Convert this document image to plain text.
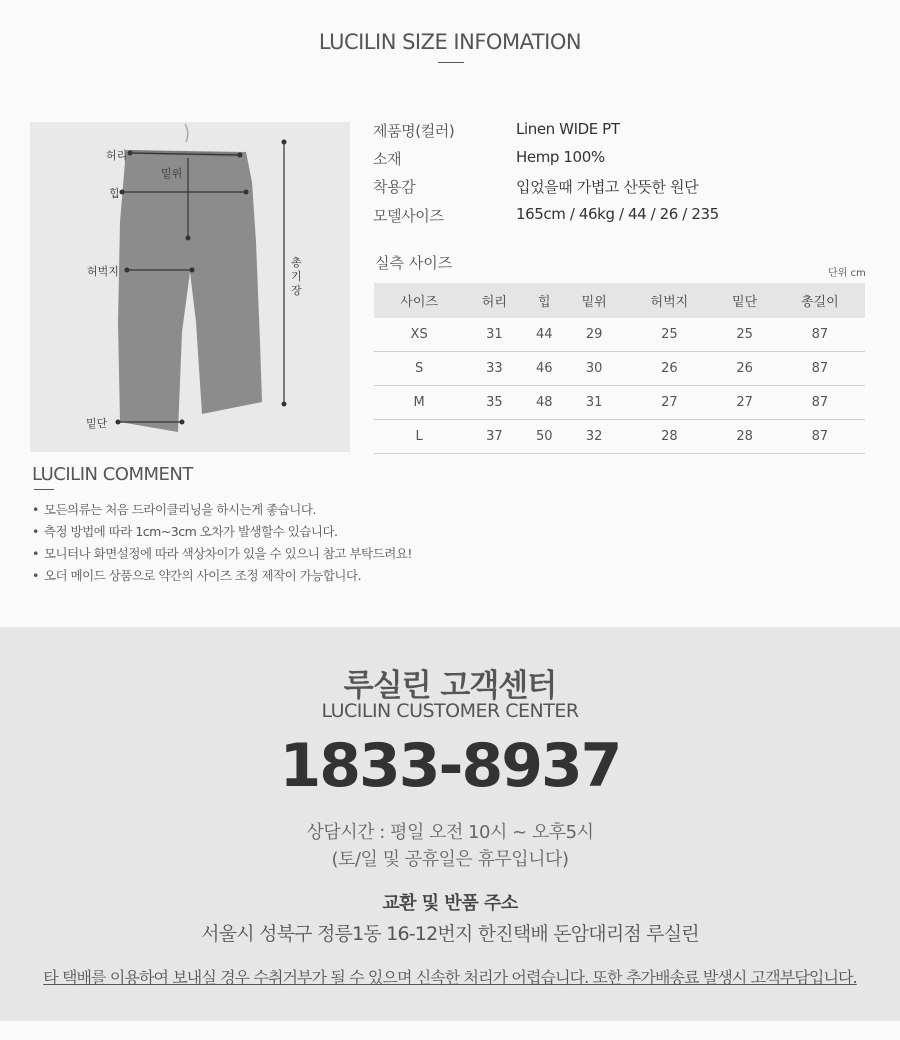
LUCILIN SIZE INFOMATION
허리
밑위
힙
허벅지
밑단
총
기
장
제품명(컬러)	Linen WIDE PT
소재	Hemp 100%
착용감	입었을때 가볍고 산뜻한 원단
모델사이즈	165cm / 46kg / 44 / 26 / 235
실측 사이즈
단위 cm
사이즈	허리	힙	밑위	허벅지	밑단	총길이
XS	31	44	29	25	25	87
S	33	46	30	26	26	87
M	35	48	31	27	27	87
L	37	50	32	28	28	87
LUCILIN COMMENT
• 모든의류는 처음 드라이클리닝을 하시는게 좋습니다.
• 측정 방법에 따라 1cm~3cm 오차가 발생할수 있습니다.
• 모니터나 화면설정에 따라 색상차이가 있을 수 있으니 참고 부탁드려요!
• 오더 메이드 상품으로 약간의 사이즈 조정 제작이 가능합니다.
루실린 고객센터
LUCILIN CUSTOMER CENTER
1833-8937
상담시간 : 평일 오전 10시 ~ 오후5시
(토/일 및 공휴일은 휴무입니다)
교환 및 반품 주소
서울시 성북구 정릉1동 16-12번지 한진택배 돈암대리점 루실린
타 택배를 이용하여 보내실 경우 수취거부가 될 수 있으며 신속한 처리가 어렵습니다. 또한 추가배송료 발생시 고객부담입니다.
